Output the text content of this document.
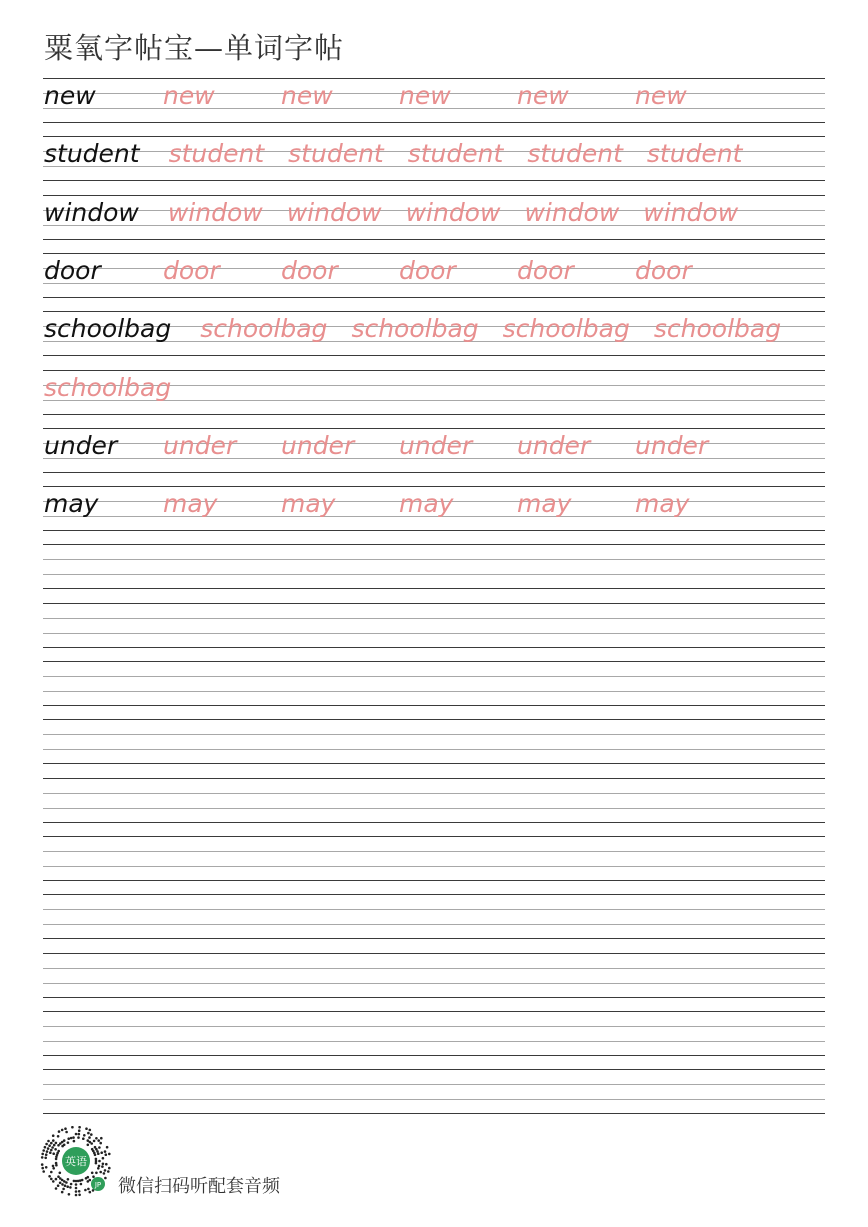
粟氧字帖宝—单词字帖
new	new	new	new	new	new
student student student student student student
window window window window window window
door door door door door door
schoolbag schoolbag schoolbag schoolbag schoolbag
schoolbag
under under under under under under
may	may	may	may	may	may
英语
JP 微信扫码听配套音频
